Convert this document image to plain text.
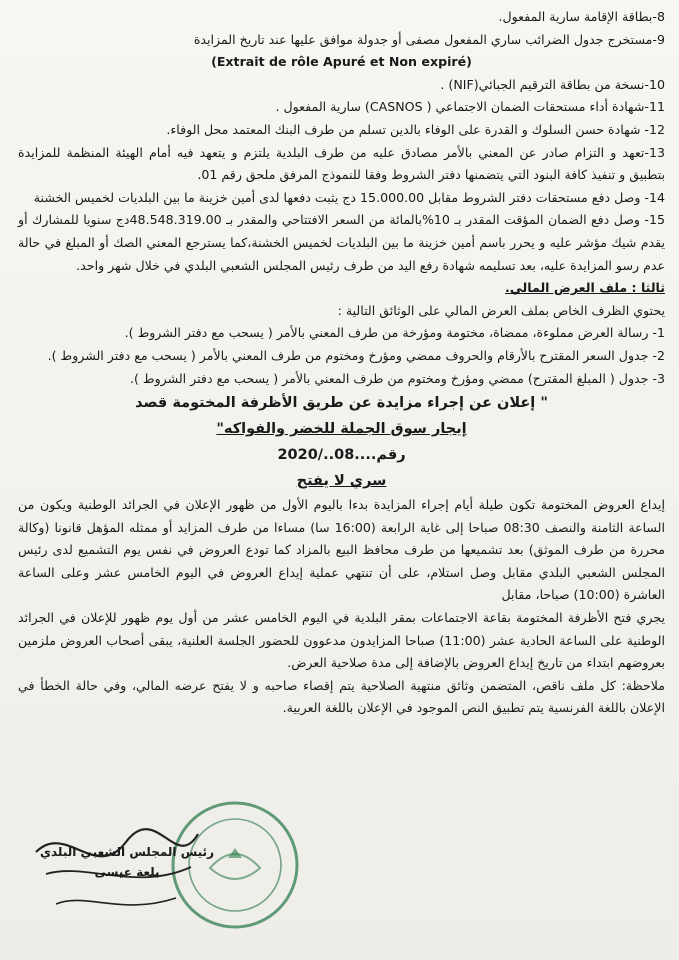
8-بطاقة الإقامة سارية المفعول.
9-مستخرج جدول الضرائب ساري المفعول مصفى أو جدولة موافق عليها عند تاريخ المزايدة
(Extrait de rôle Apuré et Non expiré)
10-نسخة من بطاقة الترقيم الجبائي(NIF) .
11-شهادة أداء مستحقات الضمان الاجتماعي ( CASNOS) سارية المفعول .
12- شهادة حسن السلوك و القدرة على الوفاء بالدين تسلم من طرف البنك المعتمد محل الوفاء.
13-تعهد و التزام صادر عن المعني بالأمر مصادق عليه من طرف البلدية يلتزم و يتعهد فيه أمام الهيئة المنظمة للمزايدة بتطبيق و تنفيذ كافة البنود التي يتضمنها دفتر الشروط وفقا للنموذج المرفق ملحق رقم 01.
14- وصل دفع مستحقات دفتر الشروط مقابل 15.000.00 دج يثبت دفعها لدى أمين خزينة ما بين البلديات لخميس الخشنة
15- وصل دفع الضمان المؤقت المقدر بـ 10%بالمائة من السعر الافتتاحي والمقدر بـ 48.548.319.00دج سنويا للمشارك أو يقدم شيك مؤشر عليه و يحرر باسم أمين خزينة ما بين البلديات لخميس الخشنة،كما يسترجع المعني الصك أو المبلغ في حالة عدم رسو المزايدة عليه، بعد تسليمه شهادة رفع اليد من طرف رئيس المجلس الشعبي البلدي في خلال شهر واحد.
ثالثا : ملف العرض المالي.
يحتوي الظرف الخاص بملف العرض المالي على الوثائق التالية :
1- رسالة العرض مملوءة، ممضاة، مختومة ومؤرخة من طرف المعني بالأمر ( يسحب مع دفتر الشروط ).
2- جدول السعر المقترح بالأرقام والحروف ممضي ومؤرخ ومختوم من طرف المعني بالأمر ( يسحب مع دفتر الشروط ).
3- جدول ( المبلغ المقترح) ممضي ومؤرخ ومختوم من طرف المعني بالأمر ( يسحب مع دفتر الشروط ).
" إعلان عن إجراء مزايدة عن طريق الأظرفة المختومة قصد
إيجار سوق الجملة للخضر والفواكه"
رقم....08../2020
سري لا يفتح
إيداع العروض المختومة تكون طيلة أيام إجراء المزايدة بدءا باليوم الأول من ظهور الإعلان في الجرائد الوطنية ويكون من الساعة الثامنة والنصف 08:30 صباحا إلى غاية الرابعة (16:00 سا) مساءا من طرف المزايد أو ممثله المؤهل قانونا (وكالة محررة من طرف الموثق) بعد تشميعها من طرف محافظ البيع بالمزاد كما تودع العروض في نفس يوم التشميع لدى رئيس المجلس الشعبي البلدي مقابل وصل استلام، على أن تنتهي عملية إيداع العروض في اليوم الخامس عشر وعلى الساعة العاشرة (10:00) صباحا، مقابل
يجري فتح الأظرفة المختومة بقاعة الاجتماعات بمقر البلدية في اليوم الخامس عشر من أول يوم ظهور للإعلان في الجرائد الوطنية على الساعة الحادية عشر (11:00) صباحا المزايدون مدعوون للحضور الجلسة العلنية، يبقى أصحاب العروض ملزمين بعروضهم ابتداء من تاريخ إيداع العروض بالإضافة إلى مدة صلاحية العرض.
ملاحظة: كل ملف ناقص، المتضمن وثائق منتهية الصلاحية يتم إقصاء صاحبه و لا يفتح عرضه المالي، وفي حالة الخطأ في الإعلان باللغة الفرنسية يتم تطبيق النص الموجود في الإعلان باللغة العربية.
رئيس المجلس الشعبي البلدي
بلعة عيسى
